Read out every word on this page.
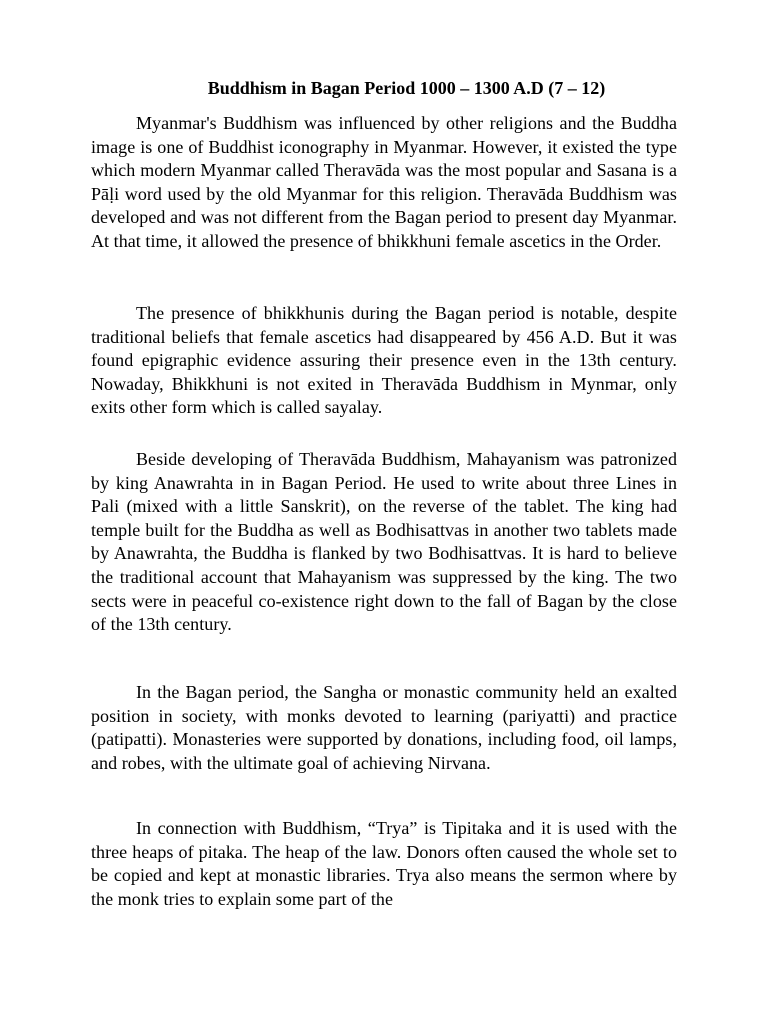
Buddhism in Bagan Period 1000 – 1300 A.D (7 – 12)

Myanmar's Buddhism was influenced by other religions and the Buddha image is one of Buddhist iconography in Myanmar. However, it existed the type which modern Myanmar called Theravāda was the most popular and Sasana is a Pāḷi word used by the old Myanmar for this religion. Theravāda Buddhism was developed and was not different from the Bagan period to present day Myanmar. At that time, it allowed the presence of bhikkhuni female ascetics in the Order.

The presence of bhikkhunis during the Bagan period is notable, despite traditional beliefs that female ascetics had disappeared by 456 A.D. But it was found epigraphic evidence assuring their presence even in the 13th century. Nowaday, Bhikkhuni is not exited in Theravāda Buddhism in Mynmar, only exits other form which is called sayalay.

Beside developing of Theravāda Buddhism, Mahayanism was patronized by king Anawrahta in in Bagan Period. He used to write about three Lines in Pali (mixed with a little Sanskrit), on the reverse of the tablet. The king had temple built for the Buddha as well as Bodhisattvas in another two tablets made by Anawrahta, the Buddha is flanked by two Bodhisattvas. It is hard to believe the traditional account that Mahayanism was suppressed by the king. The two sects were in peaceful co-existence right down to the fall of Bagan by the close of the 13th century.

In the Bagan period, the Sangha or monastic community held an exalted position in society, with monks devoted to learning (pariyatti) and practice (patipatti). Monasteries were supported by donations, including food, oil lamps, and robes, with the ultimate goal of achieving Nirvana.

In connection with Buddhism, “Trya” is Tipitaka and it is used with the three heaps of pitaka. The heap of the law. Donors often caused the whole set to be copied and kept at monastic libraries. Trya also means the sermon where by the monk tries to explain some part of the
